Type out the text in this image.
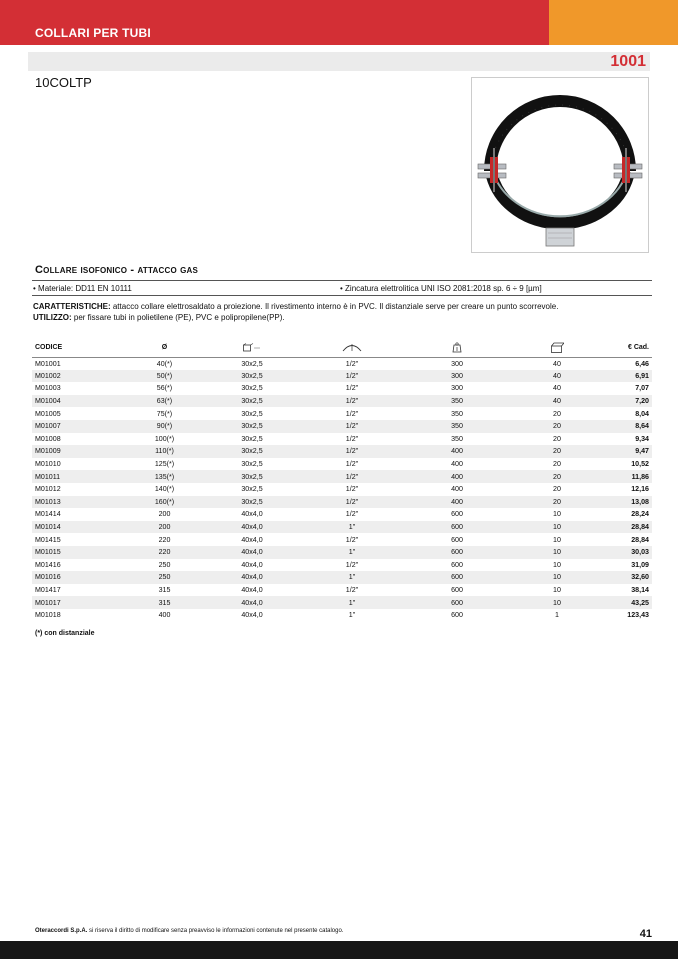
COLLARI PER TUBI
1001
10COLTP
Collare isofonico - attacco gas
• Materiale: DD11 EN 10111	• Zincatura elettrolitica UNI ISO 2081:2018 sp. 6 ÷ 9 [µm]
CARATTERISTICHE: attacco collare elettrosaldato a proiezione. Il rivestimento interno è in PVC. Il distanziale serve per creare un punto scorrevole.
UTILIZZO: per fissare tubi in polietilene (PE), PVC e polipropilene(PP).
CODICE	Ø					€ Cad.
M01001	40(*)	30x2,5	1/2"	300	40	6,46
M01002	50(*)	30x2,5	1/2"	300	40	6,91
M01003	56(*)	30x2,5	1/2"	300	40	7,07
M01004	63(*)	30x2,5	1/2"	350	40	7,20
M01005	75(*)	30x2,5	1/2"	350	20	8,04
M01007	90(*)	30x2,5	1/2"	350	20	8,64
M01008	100(*)	30x2,5	1/2"	350	20	9,34
M01009	110(*)	30x2,5	1/2"	400	20	9,47
M01010	125(*)	30x2,5	1/2"	400	20	10,52
M01011	135(*)	30x2,5	1/2"	400	20	11,86
M01012	140(*)	30x2,5	1/2"	400	20	12,16
M01013	160(*)	30x2,5	1/2"	400	20	13,08
M01414	200	40x4,0	1/2"	600	10	28,24
M01014	200	40x4,0	1"	600	10	28,84
M01415	220	40x4,0	1/2"	600	10	28,84
M01015	220	40x4,0	1"	600	10	30,03
M01416	250	40x4,0	1/2"	600	10	31,09
M01016	250	40x4,0	1"	600	10	32,60
M01417	315	40x4,0	1/2"	600	10	38,14
M01017	315	40x4,0	1"	600	10	43,25
M01018	400	40x4,0	1"	600	1	123,43
(*) con distanziale
Oteraccordi S.p.A. si riserva il diritto di modificare senza preavviso le informazioni contenute nel presente catalogo.	41
